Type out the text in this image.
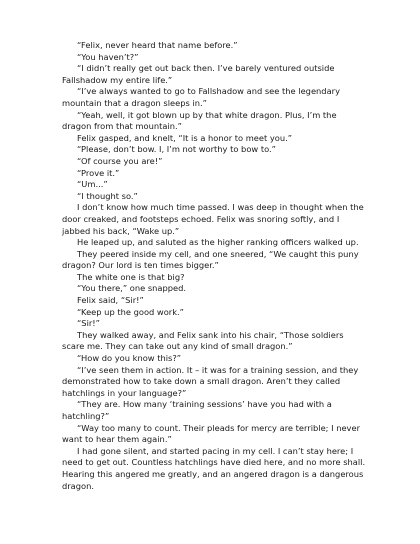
“Felix, never heard that name before.”

“You haven’t?”

“I didn’t really get out back then. I’ve barely ventured outside Fallshadow my entire life.”

“I’ve always wanted to go to Fallshadow and see the legendary mountain that a dragon sleeps in.”

“Yeah, well, it got blown up by that white dragon. Plus, I’m the dragon from that mountain.”

Felix gasped, and knelt, “It is a honor to meet you.”

“Please, don’t bow. I, I’m not worthy to bow to.”

“Of course you are!”

“Prove it.”

“Um...”

“I thought so.”

I don’t know how much time passed. I was deep in thought when the door creaked, and footsteps echoed. Felix was snoring softly, and I jabbed his back, “Wake up.”

He leaped up, and saluted as the higher ranking officers walked up.

They peered inside my cell, and one sneered, “We caught this puny dragon? Our lord is ten times bigger.”

The white one is that big?

“You there,” one snapped.

Felix said, “Sir!”

“Keep up the good work.”

“Sir!”

They walked away, and Felix sank into his chair, “Those soldiers scare me. They can take out any kind of small dragon.”

“How do you know this?”

“I’ve seen them in action. It – it was for a training session, and they demonstrated how to take down a small dragon. Aren’t they called hatchlings in your language?”

“They are. How many ‘training sessions’ have you had with a hatchling?”

“Way too many to count. Their pleads for mercy are terrible; I never want to hear them again.”

I had gone silent, and started pacing in my cell. I can’t stay here; I need to get out. Countless hatchlings have died here, and no more shall. Hearing this angered me greatly, and an angered dragon is a dangerous dragon.
